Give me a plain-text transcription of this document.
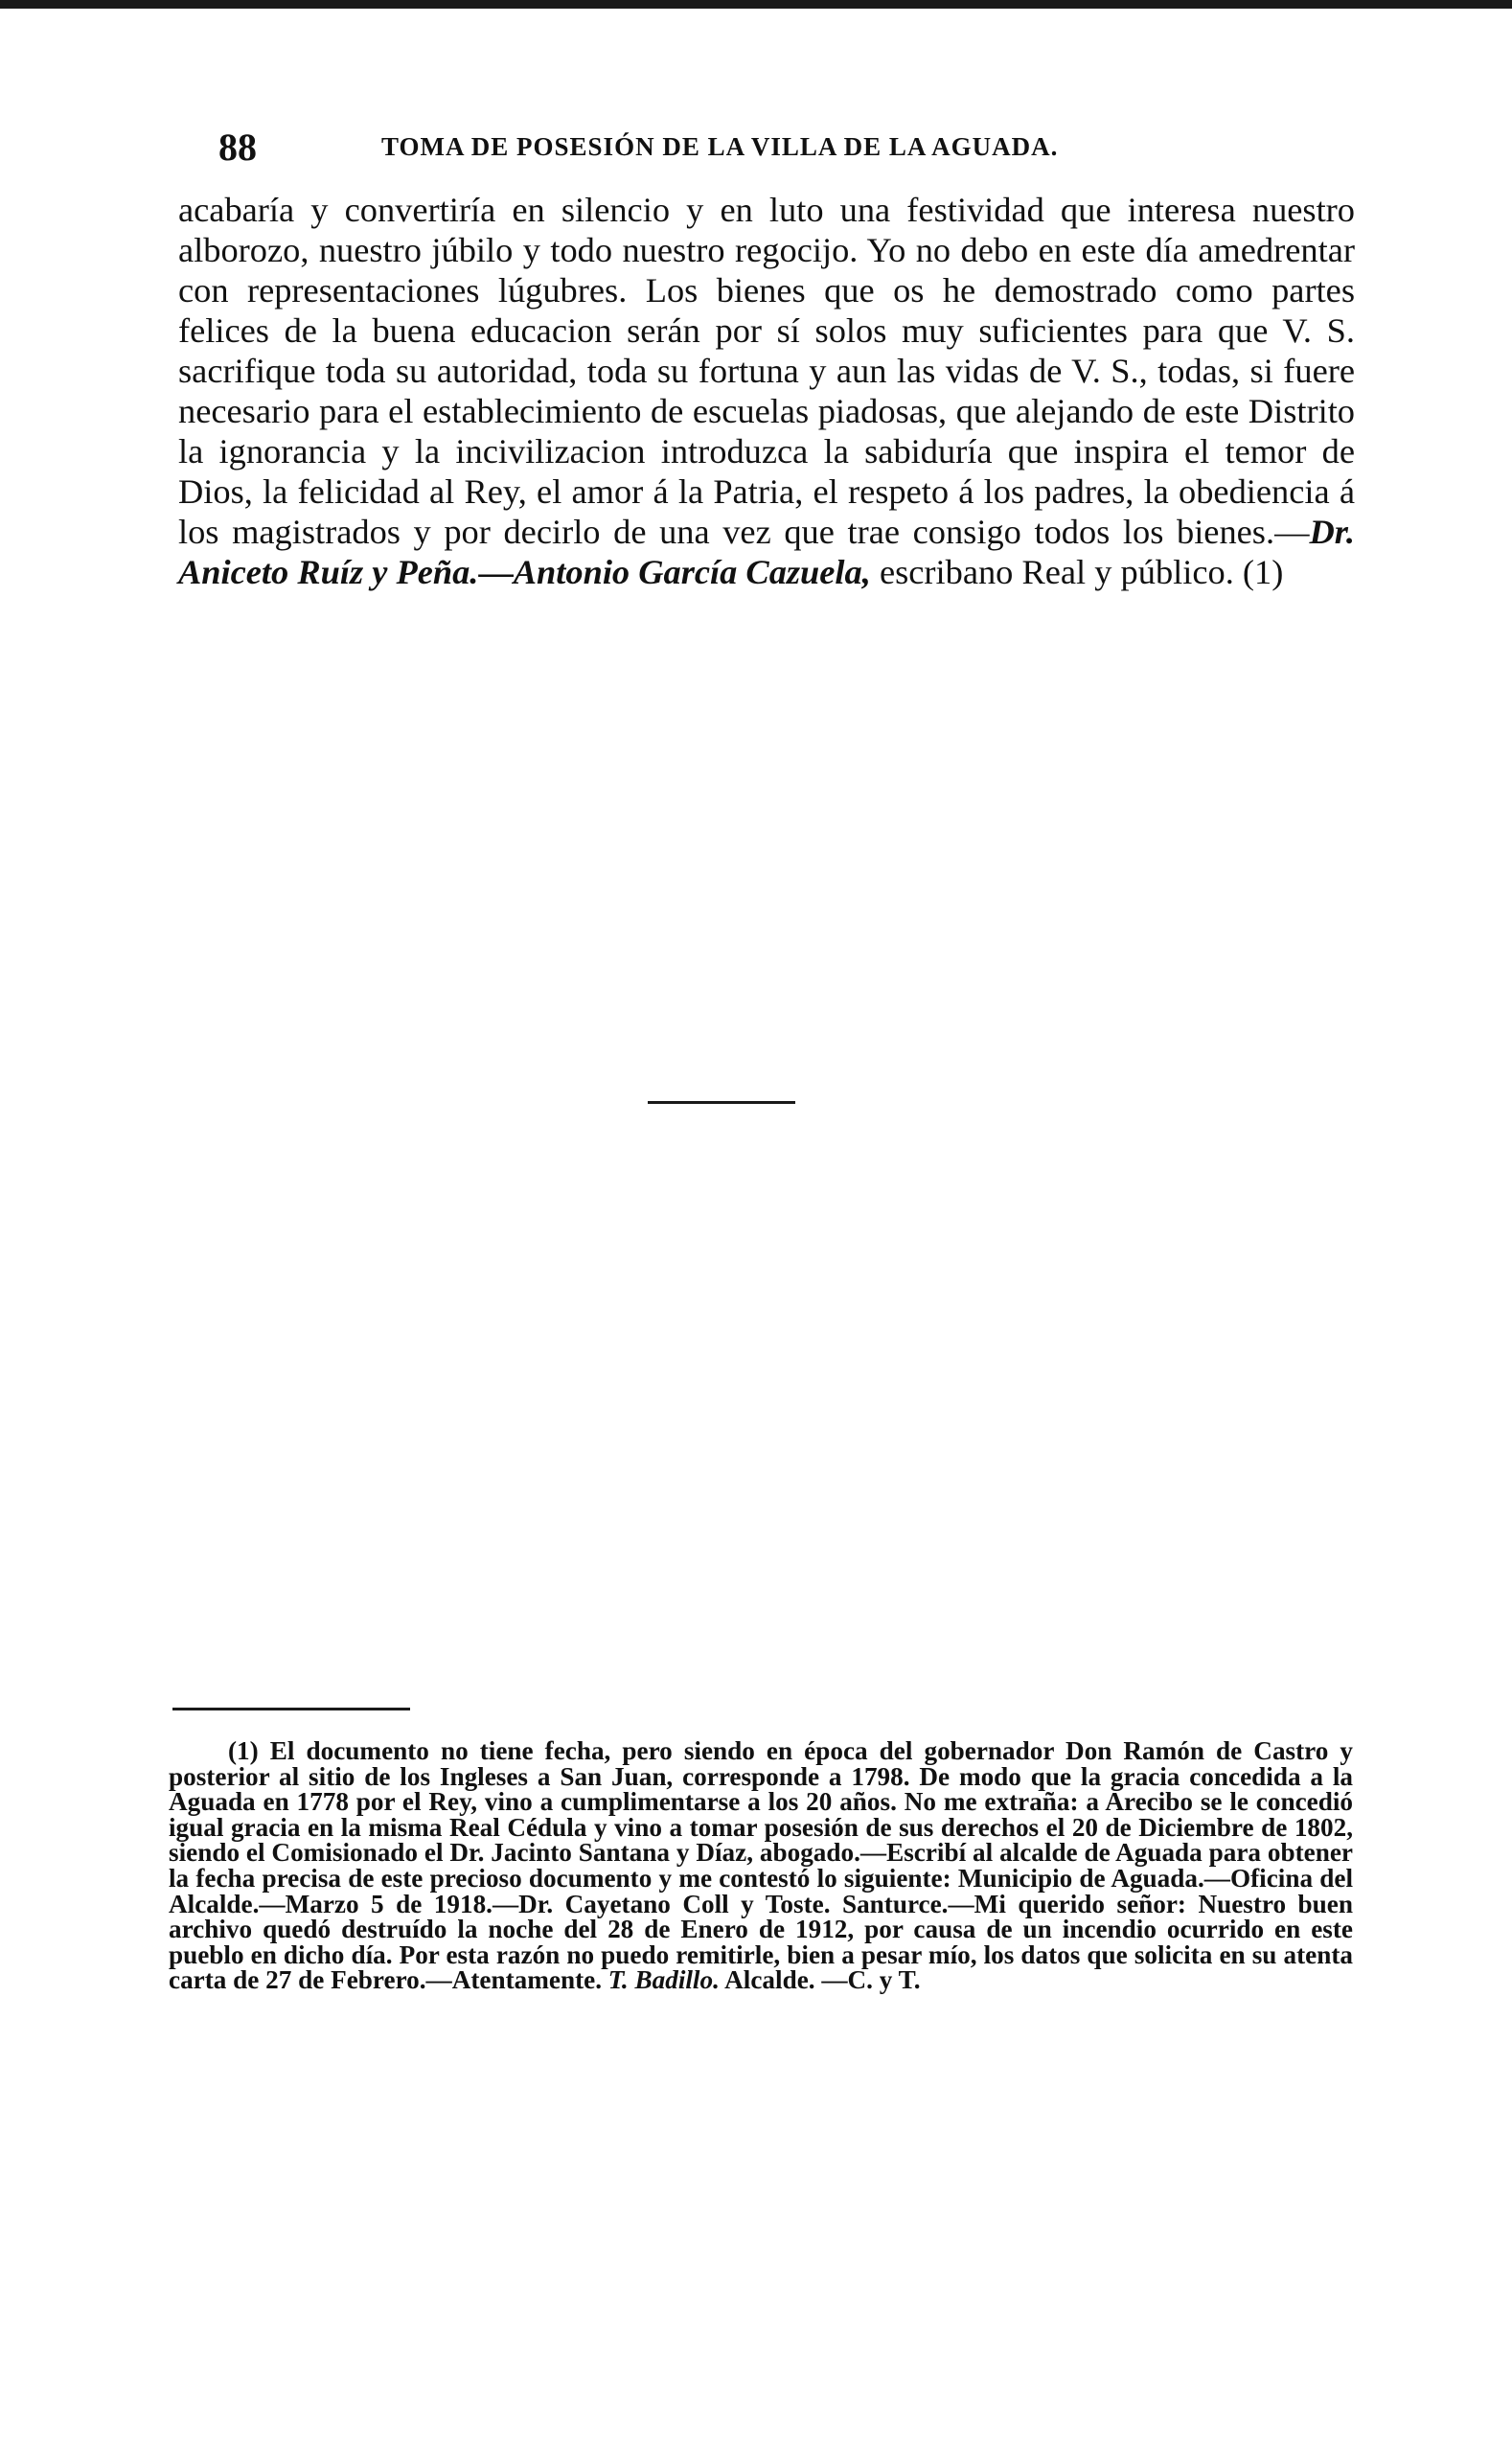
88	TOMA DE POSESIÓN DE LA VILLA DE LA AGUADA.

acabaría y convertiría en silencio y en luto una festividad que interesa nuestro alborozo, nuestro júbilo y todo nuestro regocijo. Yo no debo en este día amedrentar con representaciones lúgubres. Los bienes que os he demostrado como partes felices de la buena educacion serán por sí solos muy suficientes para que V. S. sacrifique toda su autoridad, toda su fortuna y aun las vidas de V. S., todas, si fuere necesario para el establecimiento de escuelas piadosas, que alejando de este Distrito la ignorancia y la incivilizacion introduzca la sabiduría que inspira el temor de Dios, la felicidad al Rey, el amor á la Patria, el respeto á los padres, la obediencia á los magistrados y por decirlo de una vez que trae consigo todos los bienes.—Dr. Aniceto Ruíz y Peña.—Antonio García Cazuela, escribano Real y público. (1)

(1) El documento no tiene fecha, pero siendo en época del gobernador Don Ramón de Castro y posterior al sitio de los Ingleses a San Juan, corresponde a 1798. De modo que la gracia concedida a la Aguada en 1778 por el Rey, vino a cumplimentarse a los 20 años. No me extraña: a Arecibo se le concedió igual gracia en la misma Real Cédula y vino a tomar posesión de sus derechos el 20 de Diciembre de 1802, siendo el Comisionado el Dr. Jacinto Santana y Díaz, abogado.—Escribí al alcalde de Aguada para obtener la fecha precisa de este precioso documento y me contestó lo siguiente: Municipio de Aguada.—Oficina del Alcalde.—Marzo 5 de 1918.—Dr. Cayetano Coll y Toste. Santurce.—Mi querido señor: Nuestro buen archivo quedó destruído la noche del 28 de Enero de 1912, por causa de un incendio ocurrido en este pueblo en dicho día. Por esta razón no puedo remitirle, bien a pesar mío, los datos que solicita en su atenta carta de 27 de Febrero.—Atentamente. T. Badillo. Alcalde. —C. y T.
